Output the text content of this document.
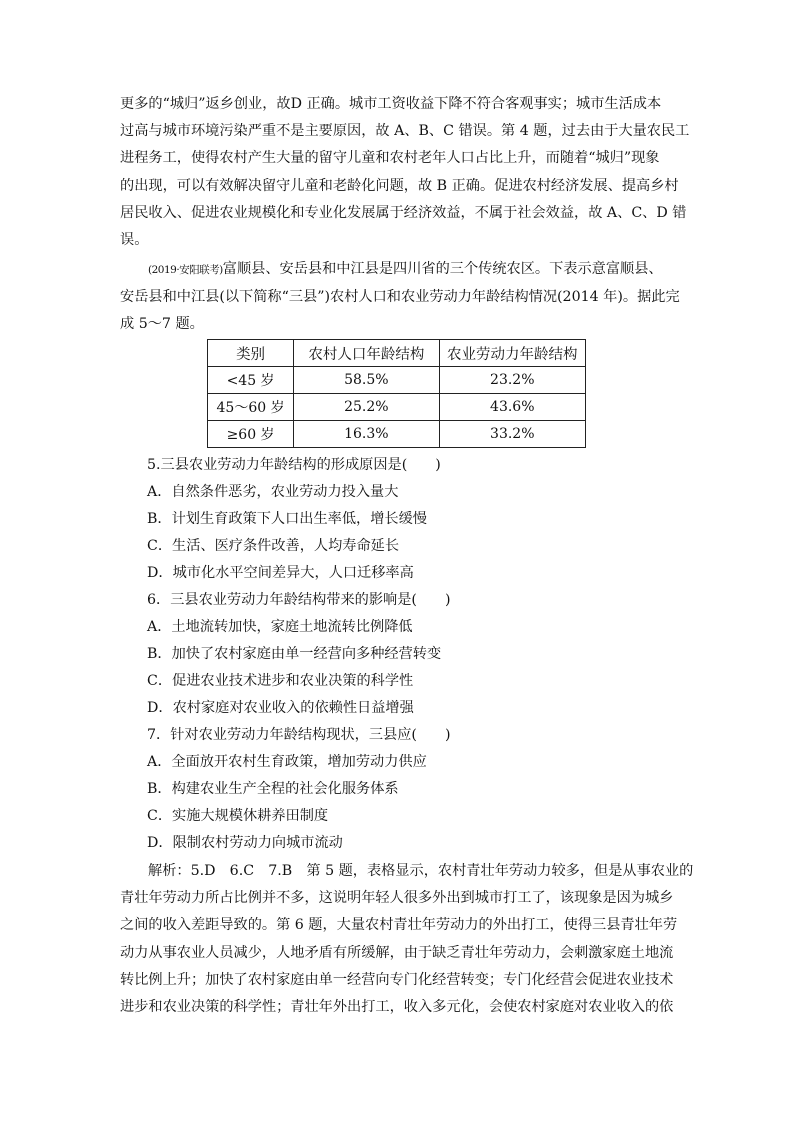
更多的“城归”返乡创业，故D 正确。城市工资收益下降不符合客观事实；城市生活成本
过高与城市环境污染严重不是主要原因，故 A、B、C 错误。第 4 题，过去由于大量农民工
进程务工，使得农村产生大量的留守儿童和农村老年人口占比上升，而随着“城归”现象
的出现，可以有效解决留守儿童和老龄化问题，故 B 正确。促进农村经济发展、提高乡村
居民收入、促进农业规模化和专业化发展属于经济效益，不属于社会效益，故 A、C、D 错
误。

(2019·安阳联考)富顺县、安岳县和中江县是四川省的三个传统农区。下表示意富顺县、
安岳县和中江县(以下简称“三县”)农村人口和农业劳动力年龄结构情况(2014 年)。据此完
成 5～7 题。

类别	农村人口年龄结构	农业劳动力年龄结构
<45 岁	58.5%	23.2%
45～60 岁	25.2%	43.6%
≥60 岁	16.3%	33.2%

5.三县农业劳动力年龄结构的形成原因是( )

A．自然条件恶劣，农业劳动力投入量大
B．计划生育政策下人口出生率低，增长缓慢
C．生活、医疗条件改善，人均寿命延长
D．城市化水平空间差异大，人口迁移率高

6．三县农业劳动力年龄结构带来的影响是( )

A．土地流转加快，家庭土地流转比例降低
B．加快了农村家庭由单一经营向多种经营转变
C．促进农业技术进步和农业决策的科学性
D．农村家庭对农业收入的依赖性日益增强

7．针对农业劳动力年龄结构现状，三县应( )

A．全面放开农村生育政策，增加劳动力供应
B．构建农业生产全程的社会化服务体系
C．实施大规模休耕养田制度
D．限制农村劳动力向城市流动

解析：5.D　6.C　7.B　第 5 题，表格显示，农村青壮年劳动力较多，但是从事农业的
青壮年劳动力所占比例并不多，这说明年轻人很多外出到城市打工了，该现象是因为城乡
之间的收入差距导致的。第 6 题，大量农村青壮年劳动力的外出打工，使得三县青壮年劳
动力从事农业人员减少，人地矛盾有所缓解，由于缺乏青壮年劳动力，会刺激家庭土地流
转比例上升；加快了农村家庭由单一经营向专门化经营转变；专门化经营会促进农业技术
进步和农业决策的科学性；青壮年外出打工，收入多元化，会使农村家庭对农业收入的依
